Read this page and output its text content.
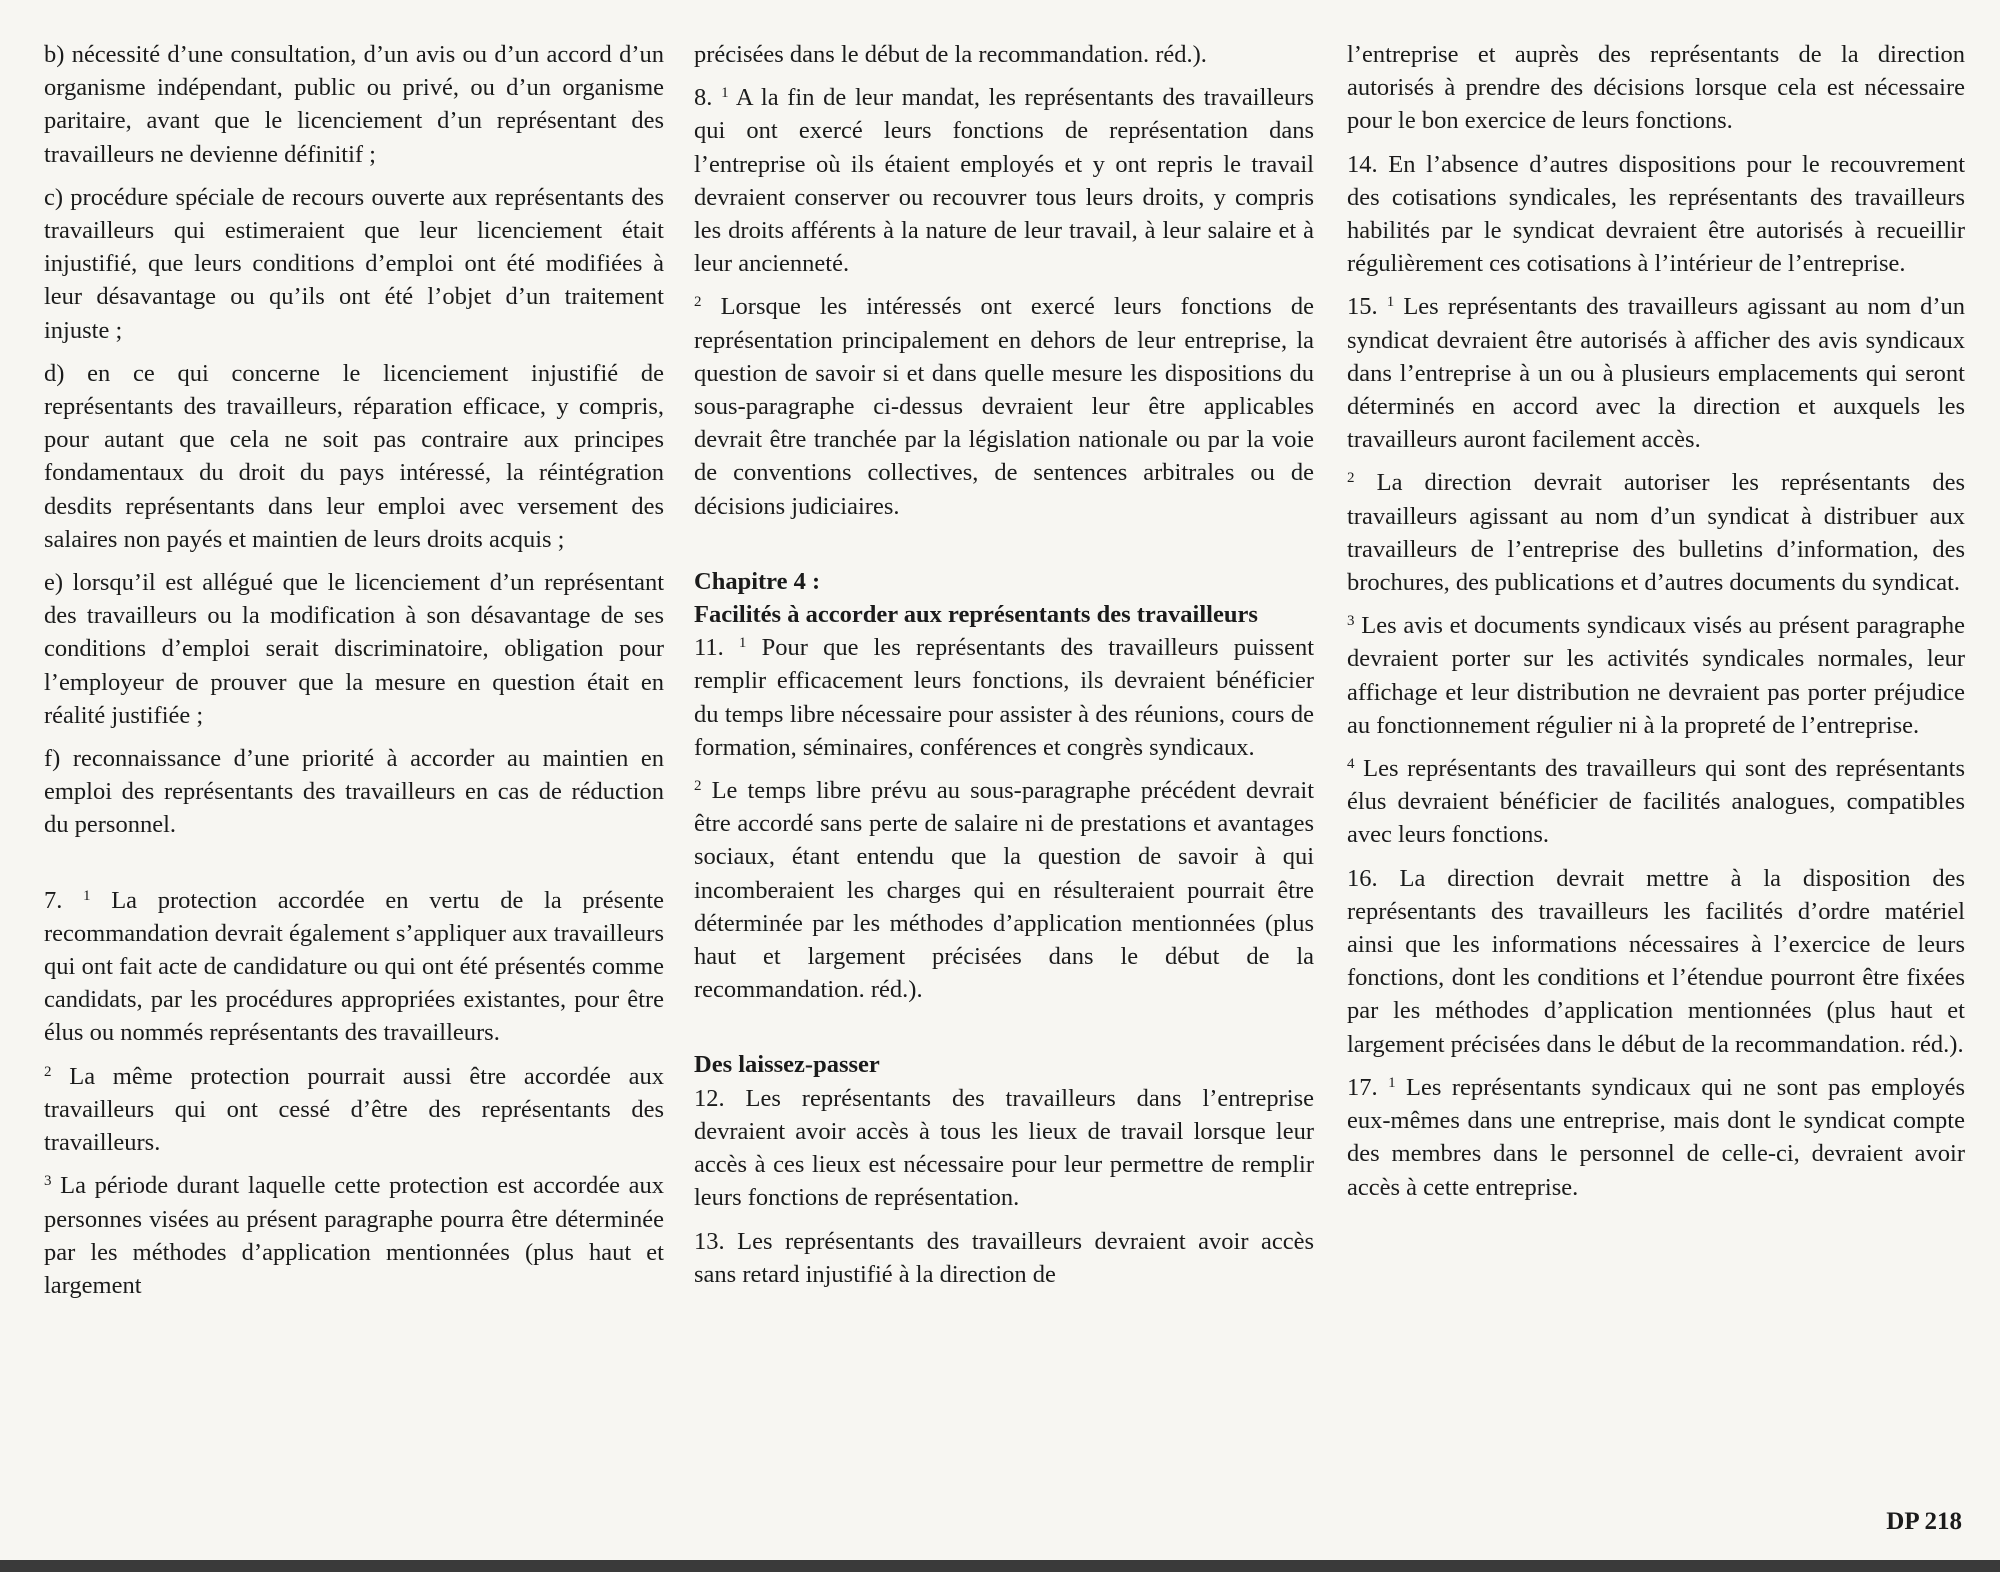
b) nécessité d’une consultation, d’un avis ou d’un accord d’un organisme indépendant, public ou privé, ou d’un organisme paritaire, avant que le licenciement d’un représentant des travailleurs ne devienne définitif ;

c) procédure spéciale de recours ouverte aux représentants des travailleurs qui estimeraient que leur licenciement était injustifié, que leurs conditions d’emploi ont été modifiées à leur désavantage ou qu’ils ont été l’objet d’un traitement injuste ;

d) en ce qui concerne le licenciement injustifié de représentants des travailleurs, réparation efficace, y compris, pour autant que cela ne soit pas contraire aux principes fondamentaux du droit du pays intéressé, la réintégration desdits représentants dans leur emploi avec versement des salaires non payés et maintien de leurs droits acquis ;

e) lorsqu’il est allégué que le licenciement d’un représentant des travailleurs ou la modification à son désavantage de ses conditions d’emploi serait discriminatoire, obligation pour l’employeur de prouver que la mesure en question était en réalité justifiée ;

f) reconnaissance d’une priorité à accorder au maintien en emploi des représentants des travailleurs en cas de réduction du personnel.

7. $^1$ La protection accordée en vertu de la présente recommandation devrait également s’appliquer aux travailleurs qui ont fait acte de candidature ou qui ont été présentés comme candidats, par les procédures appropriées existantes, pour être élus ou nommés représentants des travailleurs.

$^2$ La même protection pourrait aussi être accordée aux travailleurs qui ont cessé d’être des représentants des travailleurs.

$^3$ La période durant laquelle cette protection est accordée aux personnes visées au présent paragraphe pourra être déterminée par les méthodes d’application mentionnées (plus haut et largement

précisées dans le début de la recommandation. réd.).

8. $^1$ A la fin de leur mandat, les représentants des travailleurs qui ont exercé leurs fonctions de représentation dans l’entreprise où ils étaient employés et y ont repris le travail devraient conserver ou recouvrer tous leurs droits, y compris les droits afférents à la nature de leur travail, à leur salaire et à leur ancienneté.

$^2$ Lorsque les intéressés ont exercé leurs fonctions de représentation principalement en dehors de leur entreprise, la question de savoir si et dans quelle mesure les dispositions du sous-paragraphe ci-dessus devraient leur être applicables devrait être tranchée par la législation nationale ou par la voie de conventions collectives, de sentences arbitrales ou de décisions judiciaires.

Chapitre 4 :
Facilités à accorder aux représentants des travailleurs

11. $^1$ Pour que les représentants des travailleurs puissent remplir efficacement leurs fonctions, ils devraient bénéficier du temps libre nécessaire pour assister à des réunions, cours de formation, séminaires, conférences et congrès syndicaux.

$^2$ Le temps libre prévu au sous-paragraphe précédent devrait être accordé sans perte de salaire ni de prestations et avantages sociaux, étant entendu que la question de savoir à qui incomberaient les charges qui en résulteraient pourrait être déterminée par les méthodes d’application mentionnées (plus haut et largement précisées dans le début de la recommandation. réd.).

Des laissez-passer

12. Les représentants des travailleurs dans l’entreprise devraient avoir accès à tous les lieux de travail lorsque leur accès à ces lieux est nécessaire pour leur permettre de remplir leurs fonctions de représentation.

13. Les représentants des travailleurs devraient avoir accès sans retard injustifié à la direction de

l’entreprise et auprès des représentants de la direction autorisés à prendre des décisions lorsque cela est nécessaire pour le bon exercice de leurs fonctions.

14. En l’absence d’autres dispositions pour le recouvrement des cotisations syndicales, les représentants des travailleurs habilités par le syndicat devraient être autorisés à recueillir régulièrement ces cotisations à l’intérieur de l’entreprise.

15. $^1$ Les représentants des travailleurs agissant au nom d’un syndicat devraient être autorisés à afficher des avis syndicaux dans l’entreprise à un ou à plusieurs emplacements qui seront déterminés en accord avec la direction et auxquels les travailleurs auront facilement accès.

$^2$ La direction devrait autoriser les représentants des travailleurs agissant au nom d’un syndicat à distribuer aux travailleurs de l’entreprise des bulletins d’information, des brochures, des publications et d’autres documents du syndicat.

$^3$ Les avis et documents syndicaux visés au présent paragraphe devraient porter sur les activités syndicales normales, leur affichage et leur distribution ne devraient pas porter préjudice au fonctionnement régulier ni à la propreté de l’entreprise.

$^4$ Les représentants des travailleurs qui sont des représentants élus devraient bénéficier de facilités analogues, compatibles avec leurs fonctions.

16. La direction devrait mettre à la disposition des représentants des travailleurs les facilités d’ordre matériel ainsi que les informations nécessaires à l’exercice de leurs fonctions, dont les conditions et l’étendue pourront être fixées par les méthodes d’application mentionnées (plus haut et largement précisées dans le début de la recommandation. réd.).

17. $^1$ Les représentants syndicaux qui ne sont pas employés eux-mêmes dans une entreprise, mais dont le syndicat compte des membres dans le personnel de celle-ci, devraient avoir accès à cette entreprise.

DP 218
